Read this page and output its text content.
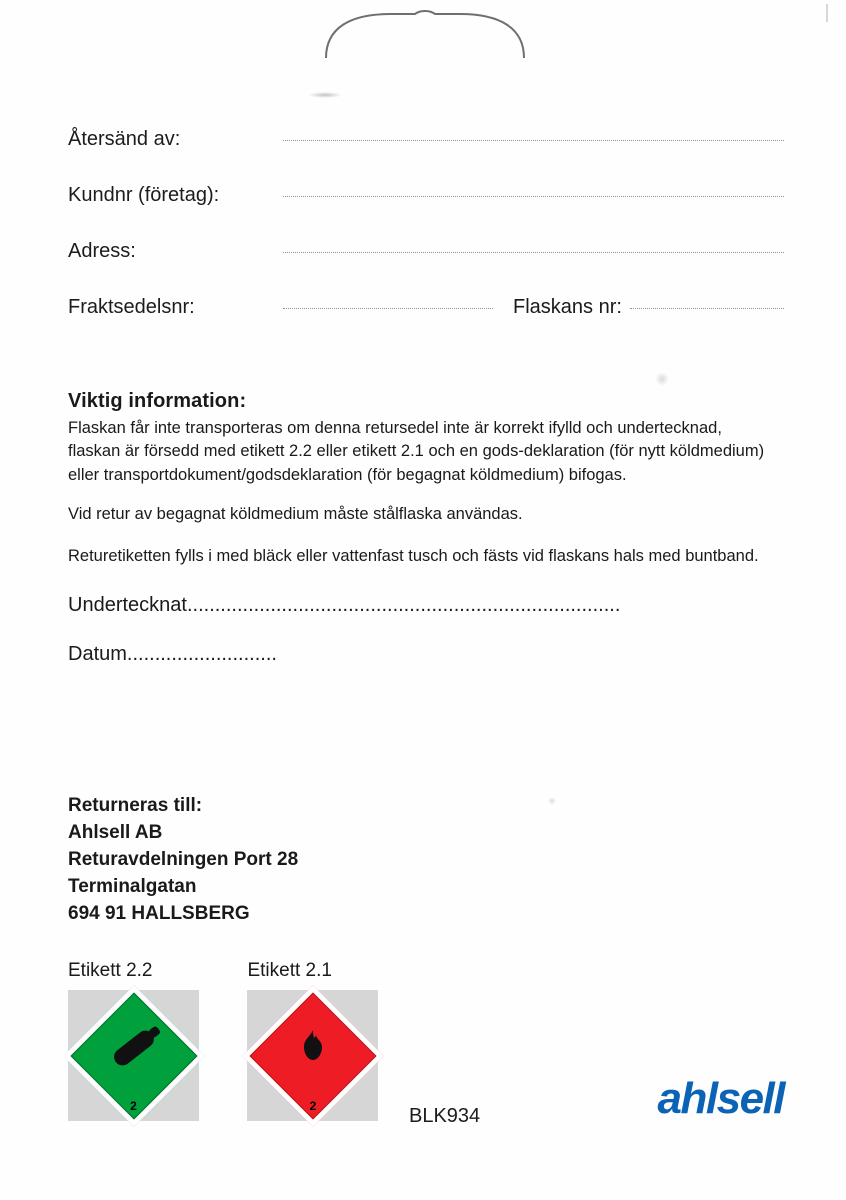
Återsänd av:
Kundnr (företag):
Adress:
Fraktsedelsnr:	Flaskans nr:
Viktig information:

Flaskan får inte transporteras om denna retursedel inte är korrekt ifylld och undertecknad, flaskan är försedd med etikett 2.2 eller etikett 2.1 och en gods-deklaration (för nytt köldmedium) eller transportdokument/godsdeklaration (för begagnat köldmedium) bifogas.

Vid retur av begagnat köldmedium måste stålflaska användas.

Returetiketten fylls i med bläck eller vattenfast tusch och fästs vid flaskans hals med buntband.

Undertecknat..............................................................................
Datum...........................
Returneras till:
Ahlsell AB
Returavdelningen Port 28
Terminalgatan
694 91 HALLSBERG
Etikett 2.2
2

Etikett 2.1
2	BLK934	ahlsell
